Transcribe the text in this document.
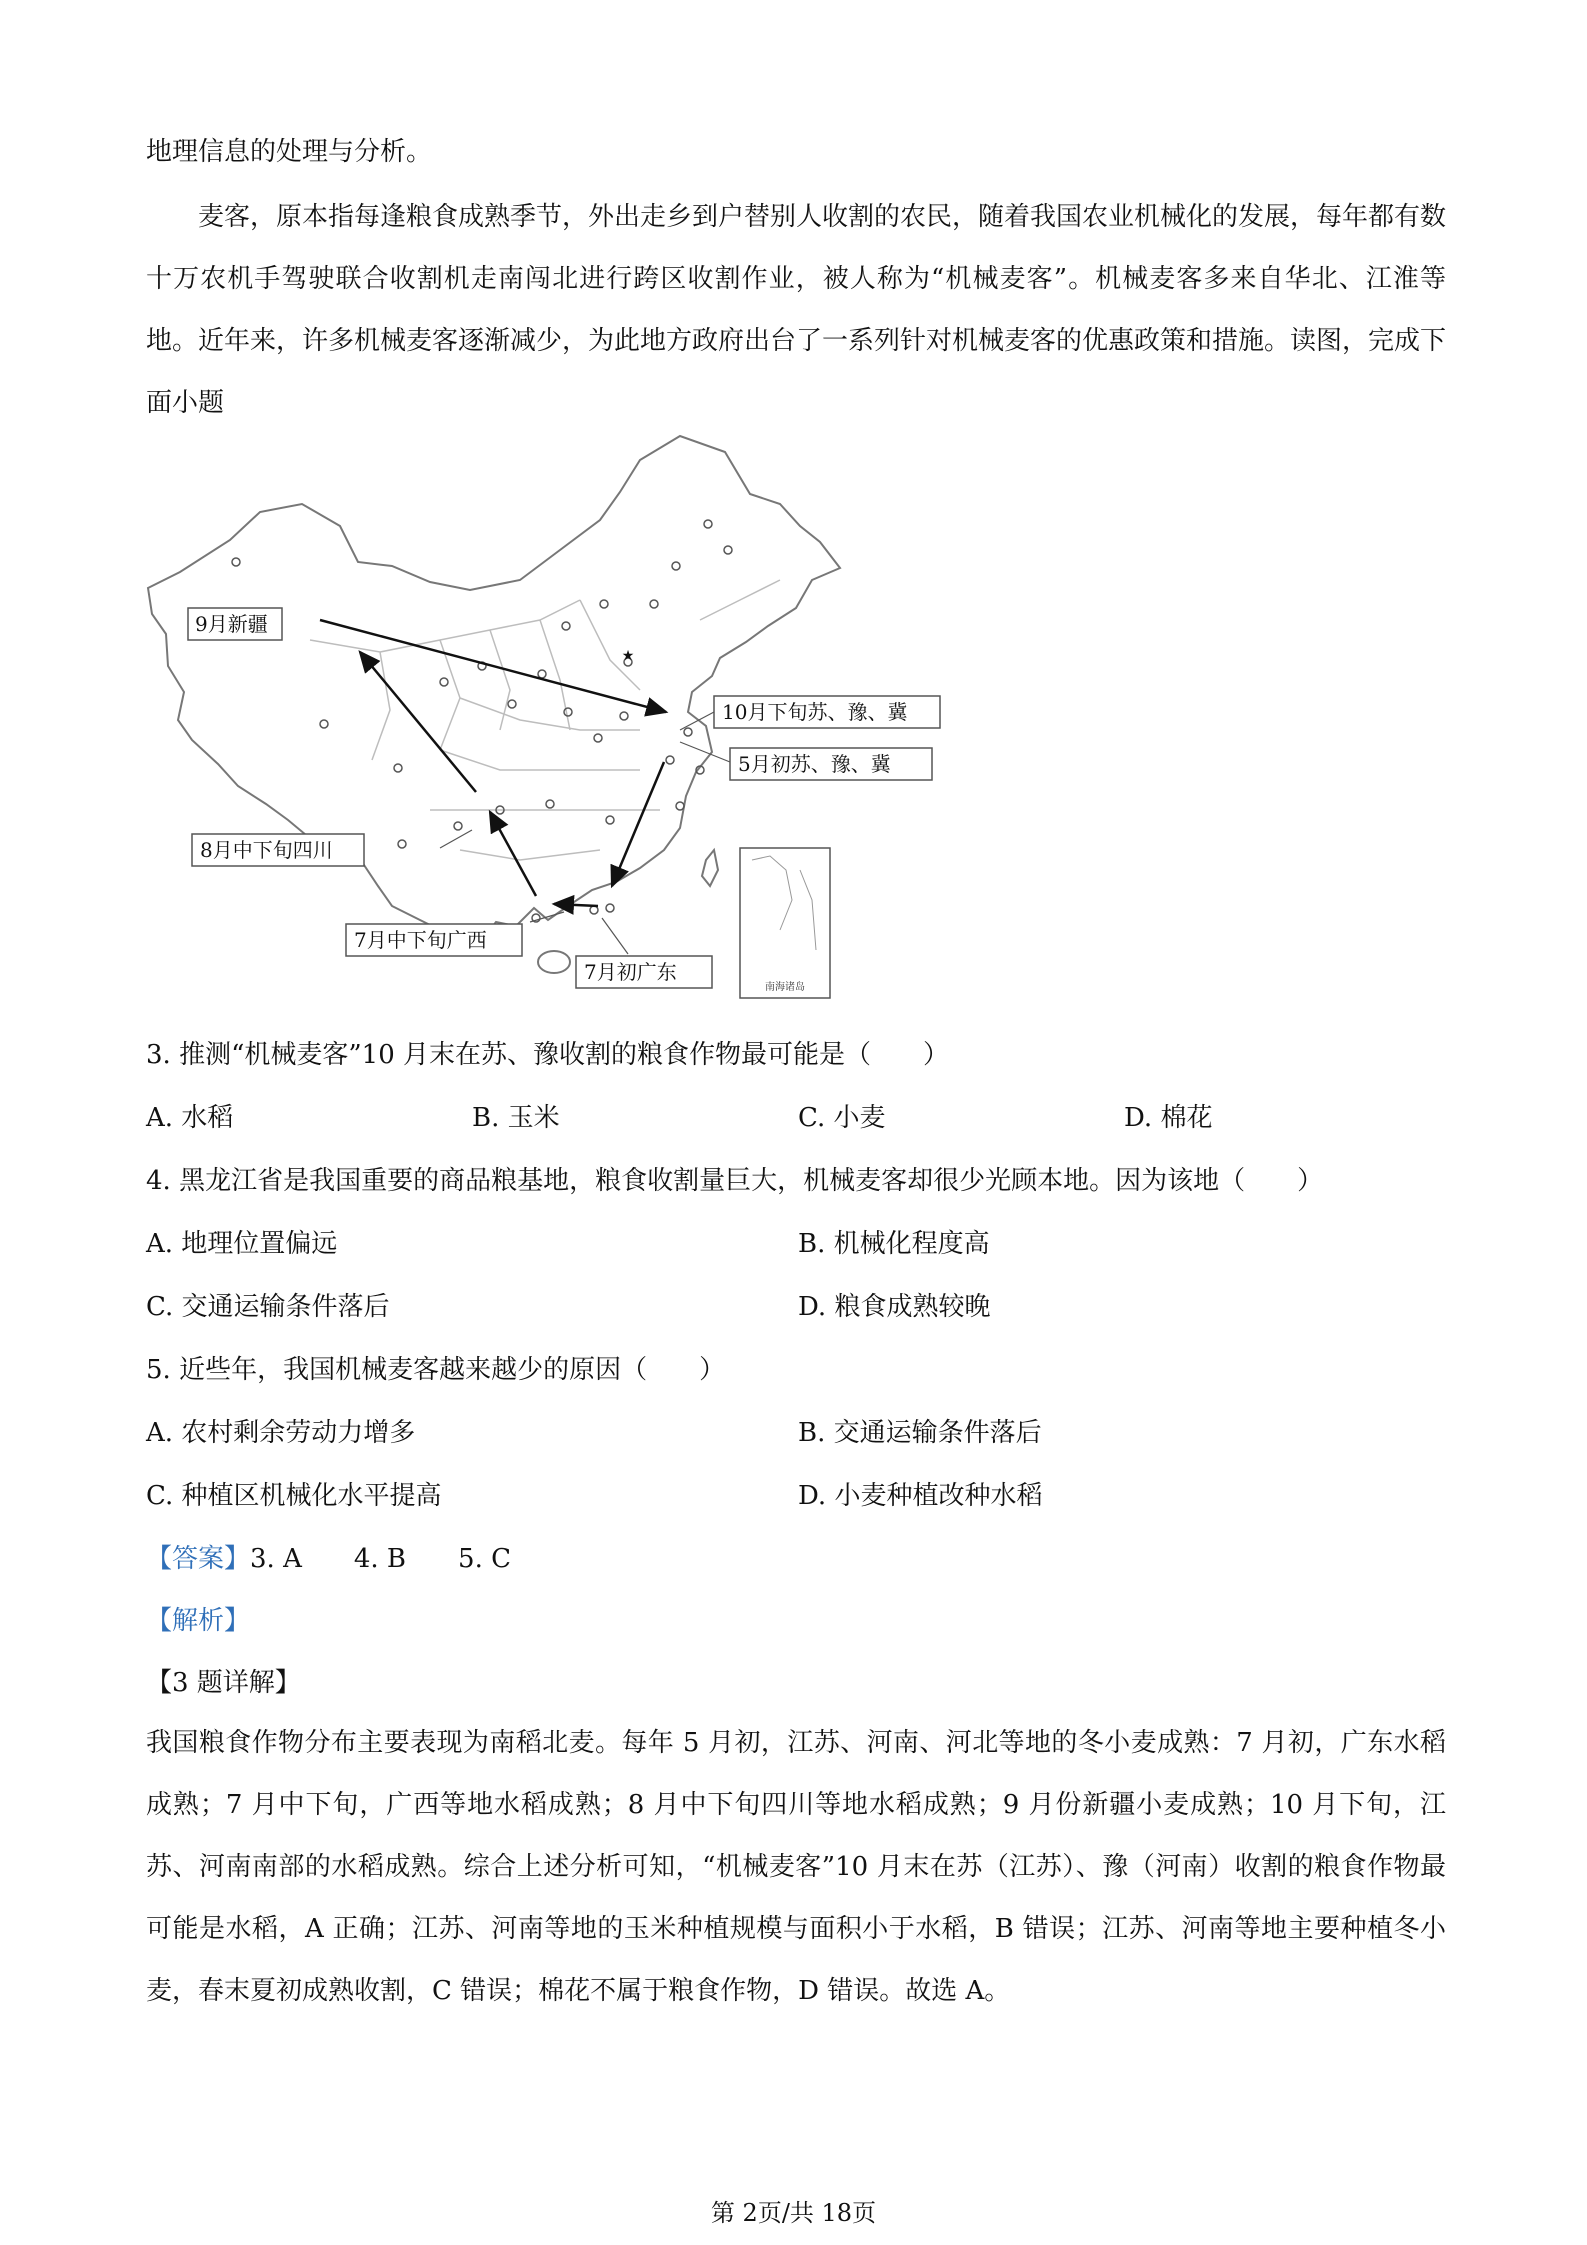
地理信息的处理与分析。
麦客，原本指每逢粮食成熟季节，外出走乡到户替别人收割的农民，随着我国农业机械化的发展，每年都有数十万农机手驾驶联合收割机走南闯北进行跨区收割作业，被人称为“机械麦客”。机械麦客多来自华北、江淮等地。近年来，许多机械麦客逐渐减少，为此地方政府出台了一系列针对机械麦客的优惠政策和措施。读图，完成下面小题
南海诸岛
★
9月新疆
10月下旬苏、豫、冀
5月初苏、豫、冀
8月中下旬四川
7月中下旬广西
7月初广东
3. 推测“机械麦客”10 月末在苏、豫收割的粮食作物最可能是（　　）
A. 水稻	B. 玉米	C. 小麦	D. 棉花
4. 黑龙江省是我国重要的商品粮基地，粮食收割量巨大，机械麦客却很少光顾本地。因为该地（　　）
A. 地理位置偏远	B. 机械化程度高
C. 交通运输条件落后	D. 粮食成熟较晚
5. 近些年，我国机械麦客越来越少的原因（　　）
A. 农村剩余劳动力增多	B. 交通运输条件落后
C. 种植区机械化水平提高	D. 小麦种植改种水稻
【答案】3. A　　4. B　　5. C
【解析】
【3 题详解】
我国粮食作物分布主要表现为南稻北麦。每年 5 月初，江苏、河南、河北等地的冬小麦成熟：7 月初，广东水稻成熟；7 月中下旬，广西等地水稻成熟；8 月中下旬四川等地水稻成熟；9 月份新疆小麦成熟；10 月下旬，江苏、河南南部的水稻成熟。综合上述分析可知，“机械麦客”10 月末在苏（江苏）、豫（河南）收割的粮食作物最可能是水稻，A 正确；江苏、河南等地的玉米种植规模与面积小于水稻，B 错误；江苏、河南等地主要种植冬小麦，春末夏初成熟收割，C 错误；棉花不属于粮食作物，D 错误。故选 A。
第 2页/共 18页
